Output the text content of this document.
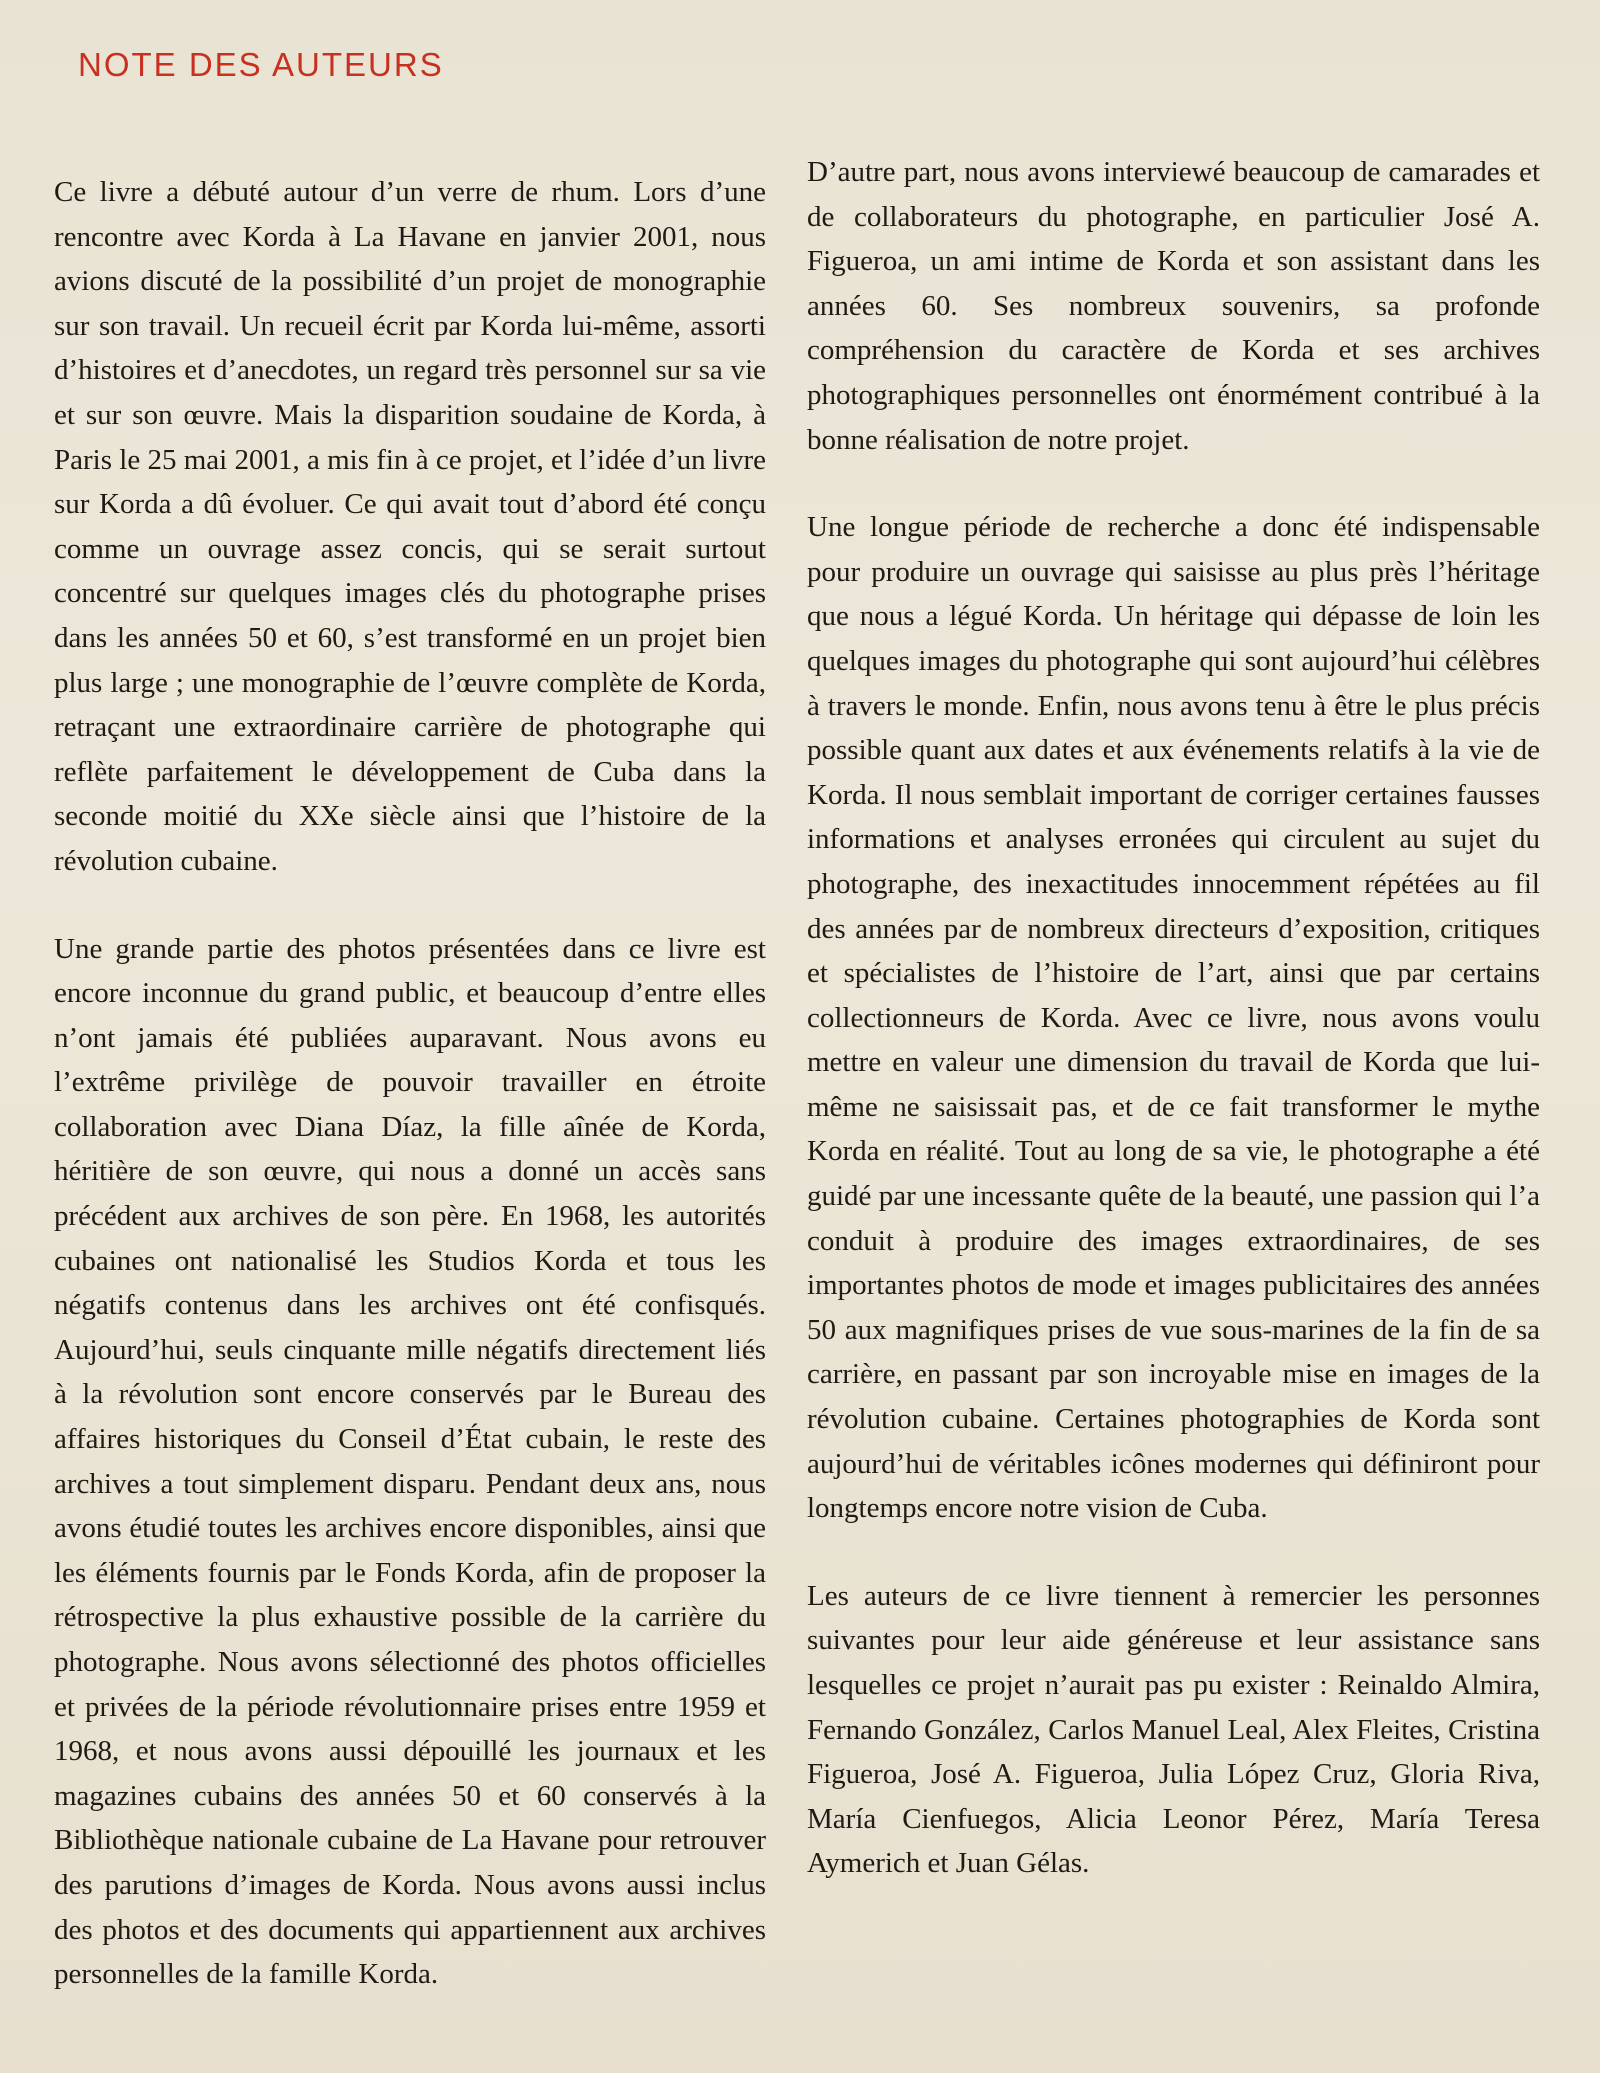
NOTE DES AUTEURS

Ce livre a débuté autour d’un verre de rhum. Lors d’une rencontre avec Korda à La Havane en janvier 2001, nous avions discuté de la possibilité d’un projet de monographie sur son travail. Un recueil écrit par Korda lui-même, assorti d’histoires et d’anecdotes, un regard très personnel sur sa vie et sur son œuvre. Mais la disparition soudaine de Korda, à Paris le 25 mai 2001, a mis fin à ce projet, et l’idée d’un livre sur Korda a dû évoluer. Ce qui avait tout d’abord été conçu comme un ouvrage assez concis, qui se serait surtout concentré sur quelques images clés du photographe prises dans les années 50 et 60, s’est transformé en un projet bien plus large ; une monographie de l’œuvre complète de Korda, retraçant une extraordinaire carrière de photographe qui reflète parfaitement le développement de Cuba dans la seconde moitié du XXe siècle ainsi que l’histoire de la révolution cubaine.

Une grande partie des photos présentées dans ce livre est encore inconnue du grand public, et beaucoup d’entre elles n’ont jamais été publiées auparavant. Nous avons eu l’extrême privilège de pouvoir travailler en étroite collaboration avec Diana Díaz, la fille aînée de Korda, héritière de son œuvre, qui nous a donné un accès sans précédent aux archives de son père. En 1968, les autorités cubaines ont nationalisé les Studios Korda et tous les négatifs contenus dans les archives ont été confisqués. Aujourd’hui, seuls cinquante mille négatifs directement liés à la révolution sont encore conservés par le Bureau des affaires historiques du Conseil d’État cubain, le reste des archives a tout simplement disparu. Pendant deux ans, nous avons étudié toutes les archives encore disponibles, ainsi que les éléments fournis par le Fonds Korda, afin de proposer la rétrospective la plus exhaustive possible de la carrière du photographe. Nous avons sélectionné des photos officielles et privées de la période révolutionnaire prises entre 1959 et 1968, et nous avons aussi dépouillé les journaux et les magazines cubains des années 50 et 60 conservés à la Bibliothèque nationale cubaine de La Havane pour retrouver des parutions d’images de Korda. Nous avons aussi inclus des photos et des documents qui appartiennent aux archives personnelles de la famille Korda.

D’autre part, nous avons interviewé beaucoup de camarades et de collaborateurs du photographe, en particulier José A. Figueroa, un ami intime de Korda et son assistant dans les années 60. Ses nombreux souvenirs, sa profonde compréhension du caractère de Korda et ses archives photographiques personnelles ont énormément contribué à la bonne réalisation de notre projet.

Une longue période de recherche a donc été indispensable pour produire un ouvrage qui saisisse au plus près l’héritage que nous a légué Korda. Un héritage qui dépasse de loin les quelques images du photographe qui sont aujourd’hui célèbres à travers le monde. Enfin, nous avons tenu à être le plus précis possible quant aux dates et aux événements relatifs à la vie de Korda. Il nous semblait important de corriger certaines fausses informations et analyses erronées qui circulent au sujet du photographe, des inexactitudes innocemment répétées au fil des années par de nombreux directeurs d’exposition, critiques et spécialistes de l’histoire de l’art, ainsi que par certains collectionneurs de Korda. Avec ce livre, nous avons voulu mettre en valeur une dimension du travail de Korda que lui-même ne saisissait pas, et de ce fait transformer le mythe Korda en réalité. Tout au long de sa vie, le photographe a été guidé par une incessante quête de la beauté, une passion qui l’a conduit à produire des images extraordinaires, de ses importantes photos de mode et images publicitaires des années 50 aux magnifiques prises de vue sous-marines de la fin de sa carrière, en passant par son incroyable mise en images de la révolution cubaine. Certaines photographies de Korda sont aujourd’hui de véritables icônes modernes qui définiront pour longtemps encore notre vision de Cuba.

Les auteurs de ce livre tiennent à remercier les personnes suivantes pour leur aide généreuse et leur assistance sans lesquelles ce projet n’aurait pas pu exister : Reinaldo Almira, Fernando González, Carlos Manuel Leal, Alex Fleites, Cristina Figueroa, José A. Figueroa, Julia López Cruz, Gloria Riva, María Cienfuegos, Alicia Leonor Pérez, María Teresa Aymerich et Juan Gélas.
